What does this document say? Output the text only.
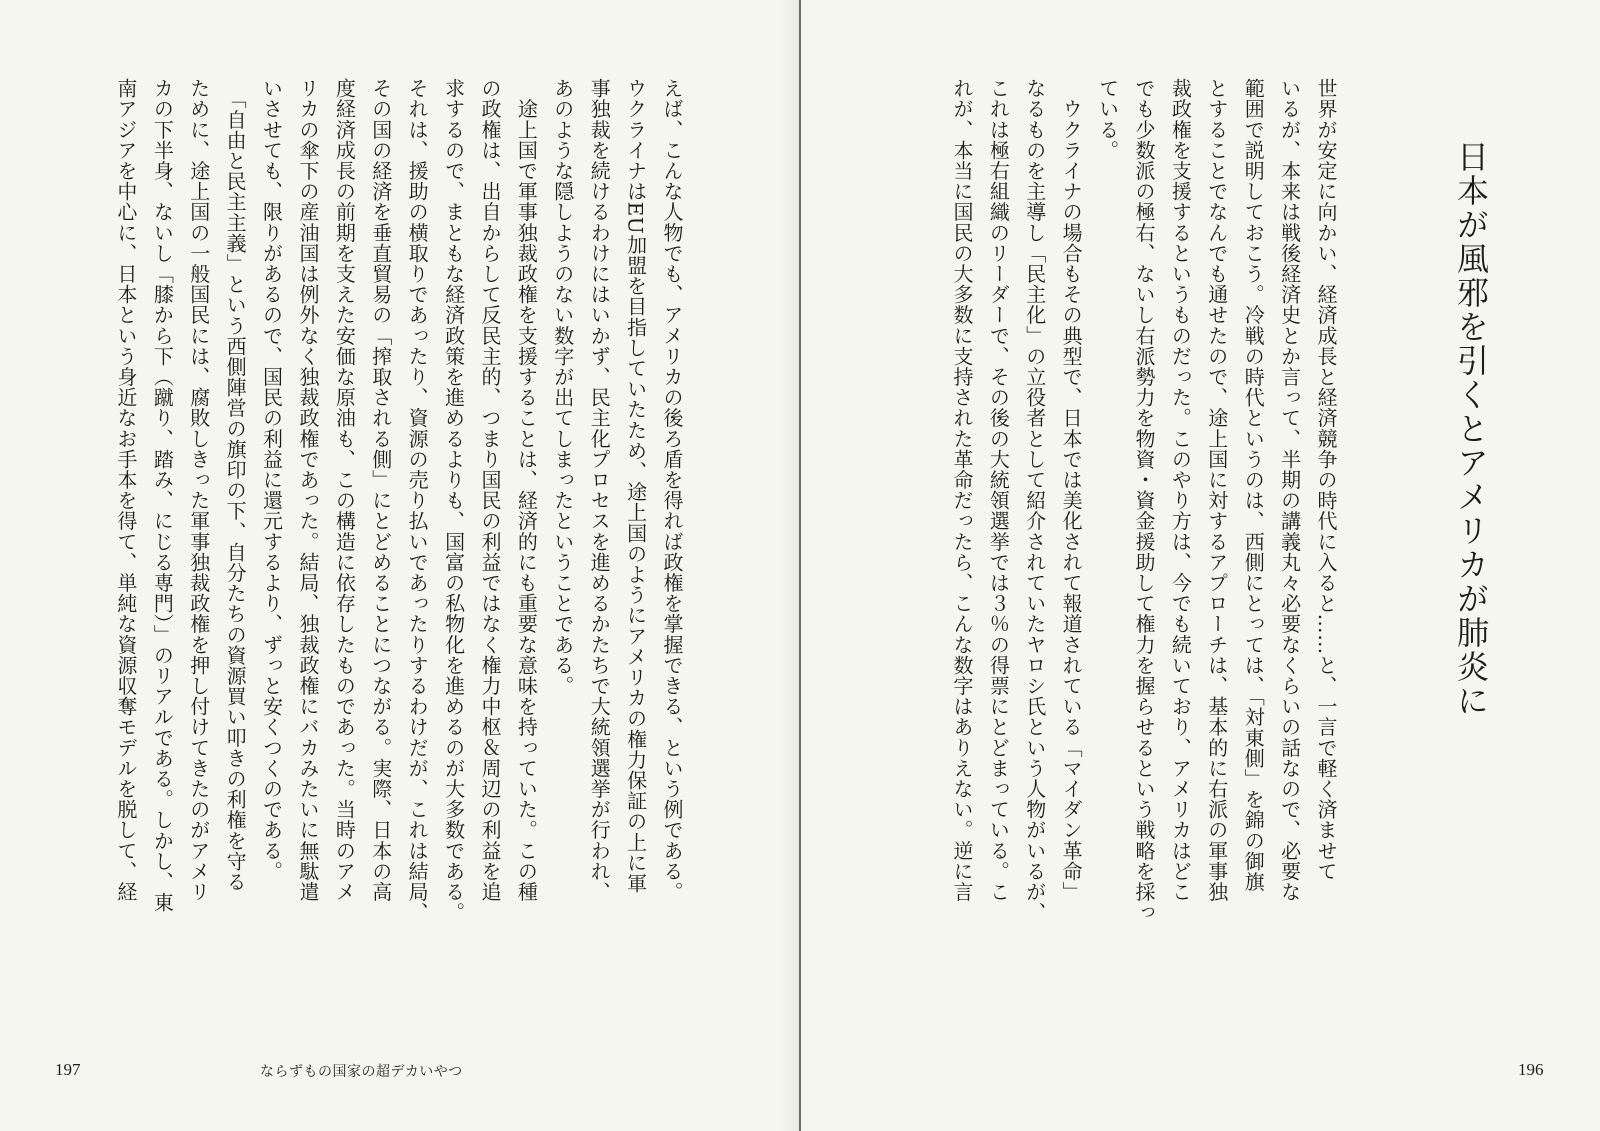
えば、こんな人物でも、アメリカの後ろ盾を得れば政権を掌握できる、という例である。
ウクライナはEU加盟を目指していたため、途上国のようにアメリカの権力保証の上に軍
事独裁を続けるわけにはいかず、民主化プロセスを進めるかたちで大統領選挙が行われ、
あのような隠しようのない数字が出てしまったということである。
　途上国で軍事独裁政権を支援することは、経済的にも重要な意味を持っていた。この種
の政権は、出自からして反民主的、つまり国民の利益ではなく権力中枢＆周辺の利益を追
求するので、まともな経済政策を進めるよりも、国富の私物化を進めるのが大多数である。
それは、援助の横取りであったり、資源の売り払いであったりするわけだが、これは結局、
その国の経済を垂直貿易の「搾取される側」にとどめることにつながる。実際、日本の高
度経済成長の前期を支えた安価な原油も、この構造に依存したものであった。当時のアメ
リカの傘下の産油国は例外なく独裁政権であった。結局、独裁政権にバカみたいに無駄遣
いさせても、限りがあるので、国民の利益に還元するより、ずっと安くつくのである。
　「自由と民主主義」という西側陣営の旗印の下、自分たちの資源買い叩きの利権を守る
ために、途上国の一般国民には、腐敗しきった軍事独裁政権を押し付けてきたのがアメリ
カの下半身、ないし「膝から下（蹴り、踏み、にじる専門）」のリアルである。しかし、東
南アジアを中心に、日本という身近なお手本を得て、単純な資源収奪モデルを脱して、経
197	ならずもの国家の超デカいやつ
日本が風邪を引くとアメリカが肺炎に
世界が安定に向かい、経済成長と経済競争の時代に入ると……と、一言で軽く済ませて
いるが、本来は戦後経済史とか言って、半期の講義丸々必要なくらいの話なので、必要な
範囲で説明しておこう。冷戦の時代というのは、西側にとっては、「対東側」を錦の御旗
とすることでなんでも通せたので、途上国に対するアプローチは、基本的に右派の軍事独
裁政権を支援するというものだった。このやり方は、今でも続いており、アメリカはどこ
でも少数派の極右、ないし右派勢力を物資・資金援助して権力を握らせるという戦略を採っ
ている。
　ウクライナの場合もその典型で、日本では美化されて報道されている「マイダン革命」
なるものを主導し「民主化」の立役者として紹介されていたヤロシ氏という人物がいるが、
これは極右組織のリーダーで、その後の大統領選挙では３％の得票にとどまっている。こ
れが、本当に国民の大多数に支持された革命だったら、こんな数字はありえない。逆に言
196
